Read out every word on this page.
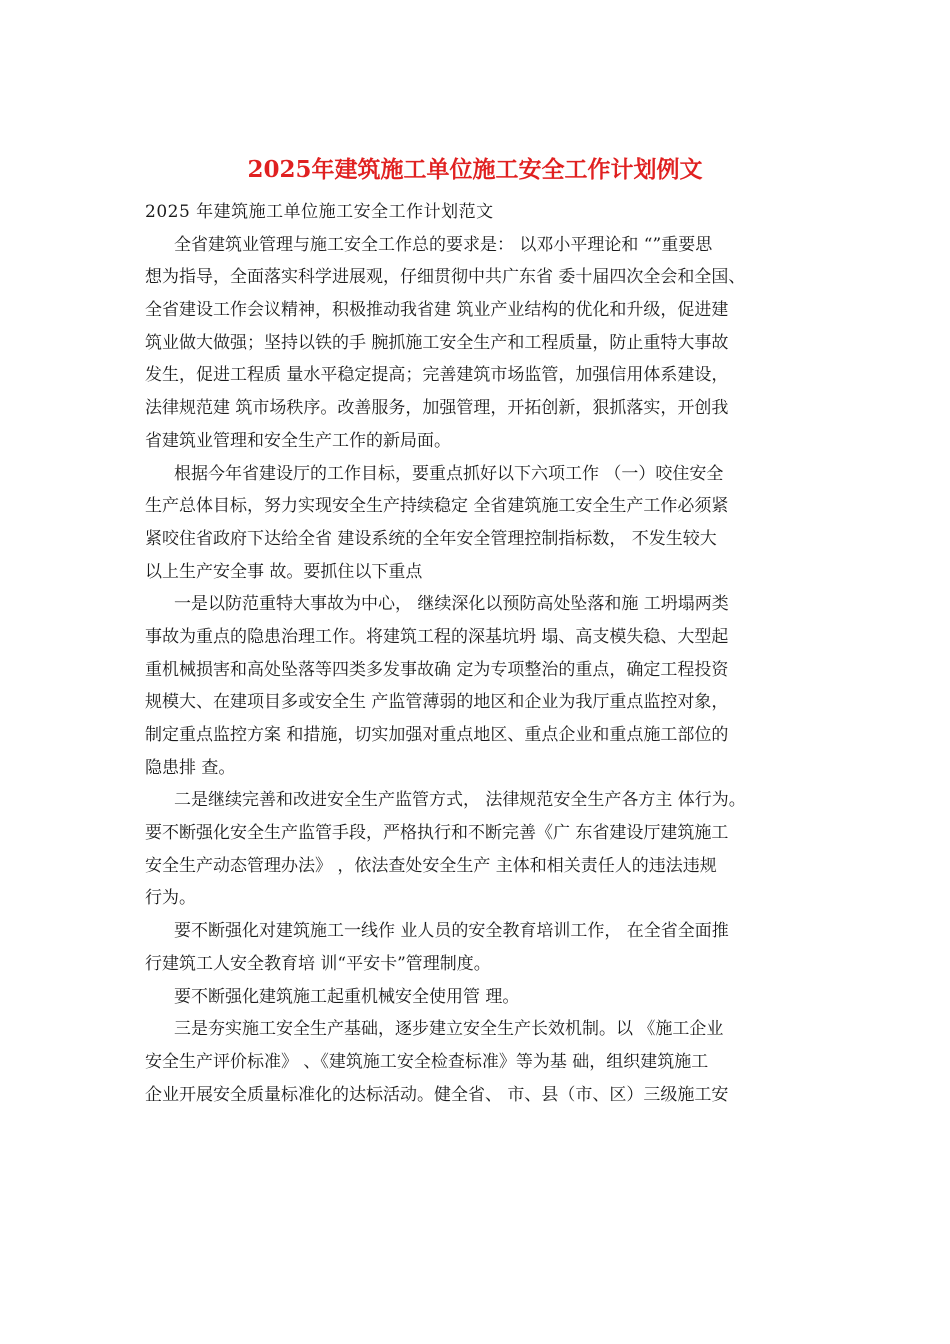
2025年建筑施工单位施工安全工作计划例文
2025 年建筑施工单位施工安全工作计划范文
全省建筑业管理与施工安全工作总的要求是： 以邓小平理论和 “”重要思
想为指导，全面落实科学进展观，仔细贯彻中共广东省 委十届四次全会和全国、
全省建设工作会议精神，积极推动我省建 筑业产业结构的优化和升级，促进建
筑业做大做强；坚持以铁的手 腕抓施工安全生产和工程质量，防止重特大事故
发生，促进工程质 量水平稳定提高；完善建筑市场监管，加强信用体系建设，
法律规范建 筑市场秩序。改善服务，加强管理，开拓创新，狠抓落实，开创我
省建筑业管理和安全生产工作的新局面。
根据今年省建设厅的工作目标，要重点抓好以下六项工作 （一）咬住安全
生产总体目标，努力实现安全生产持续稳定 全省建筑施工安全生产工作必须紧
紧咬住省政府下达给全省 建设系统的全年安全管理控制指标数， 不发生较大
以上生产安全事 故。要抓住以下重点
一是以防范重特大事故为中心， 继续深化以预防高处坠落和施 工坍塌两类
事故为重点的隐患治理工作。将建筑工程的深基坑坍 塌、高支模失稳、大型起
重机械损害和高处坠落等四类多发事故确 定为专项整治的重点，确定工程投资
规模大、在建项目多或安全生 产监管薄弱的地区和企业为我厅重点监控对象，
制定重点监控方案 和措施，切实加强对重点地区、重点企业和重点施工部位的
隐患排 查。
二是继续完善和改进安全生产监管方式， 法律规范安全生产各方主 体行为。
要不断强化安全生产监管手段，严格执行和不断完善《广 东省建设厅建筑施工
安全生产动态管理办法》 ，依法查处安全生产 主体和相关责任人的违法违规
行为。
要不断强化对建筑施工一线作 业人员的安全教育培训工作， 在全省全面推
行建筑工人安全教育培 训“平安卡”管理制度。
要不断强化建筑施工起重机械安全使用管 理。
三是夯实施工安全生产基础，逐步建立安全生产长效机制。以 《施工企业
安全生产评价标准》 、《建筑施工安全检查标准》等为基 础，组织建筑施工
企业开展安全质量标准化的达标活动。健全省、 市、县（市、区）三级施工安
